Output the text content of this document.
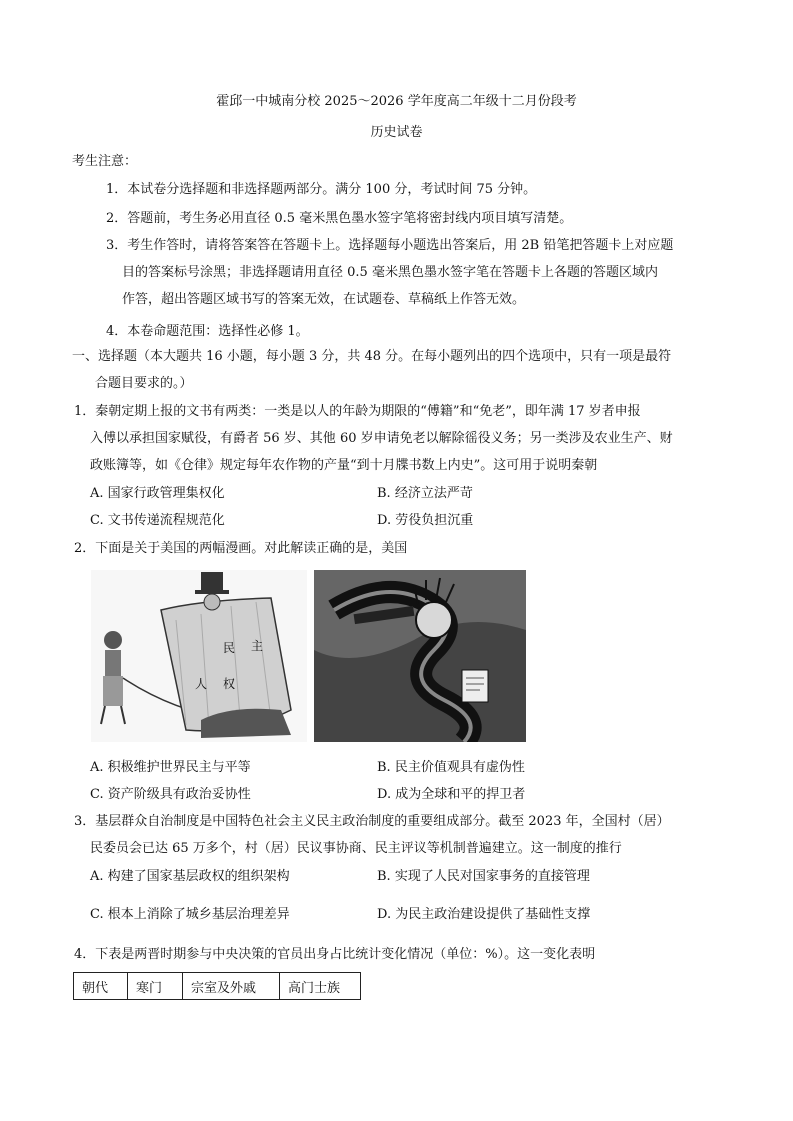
霍邱一中城南分校 2025～2026 学年度高二年级十二月份段考
历史试卷
考生注意：
1．本试卷分选择题和非选择题两部分。满分 100 分，考试时间 75 分钟。
2．答题前，考生务必用直径 0.5 毫米黑色墨水签字笔将密封线内项目填写清楚。
3．考生作答时，请将答案答在答题卡上。选择题每小题选出答案后，用 2B 铅笔把答题卡上对应题
目的答案标号涂黑；非选择题请用直径 0.5 毫米黑色墨水签字笔在答题卡上各题的答题区域内
作答，超出答题区域书写的答案无效，在试题卷、草稿纸上作答无效。
4．本卷命题范围：选择性必修 1。
一、选择题（本大题共 16 小题，每小题 3 分，共 48 分。在每小题列出的四个选项中，只有一项是最符
合题目要求的。）
1．秦朝定期上报的文书有两类：一类是以人的年龄为期限的“傅籍”和“免老”，即年满 17 岁者申报
入傅以承担国家赋役，有爵者 56 岁、其他 60 岁申请免老以解除徭役义务；另一类涉及农业生产、财
政账簿等，如《仓律》规定每年农作物的产量“到十月牒书数上内史”。这可用于说明秦朝
A. 国家行政管理集权化	B. 经济立法严苛
C. 文书传递流程规范化	D. 劳役负担沉重
2．下面是关于美国的两幅漫画。对此解读正确的是，美国
民 主
人 权
A. 积极维护世界民主与平等	B. 民主价值观具有虚伪性
C. 资产阶级具有政治妥协性	D. 成为全球和平的捍卫者
3．基层群众自治制度是中国特色社会主义民主政治制度的重要组成部分。截至 2023 年，全国村（居）
民委员会已达 65 万多个，村（居）民议事协商、民主评议等机制普遍建立。这一制度的推行
A. 构建了国家基层政权的组织架构	B. 实现了人民对国家事务的直接管理
C. 根本上消除了城乡基层治理差异	D. 为民主政治建设提供了基础性支撑
4．下表是两晋时期参与中央决策的官员出身占比统计变化情况（单位：%）。这一变化表明
朝代	寒门	宗室及外戚	高门士族
